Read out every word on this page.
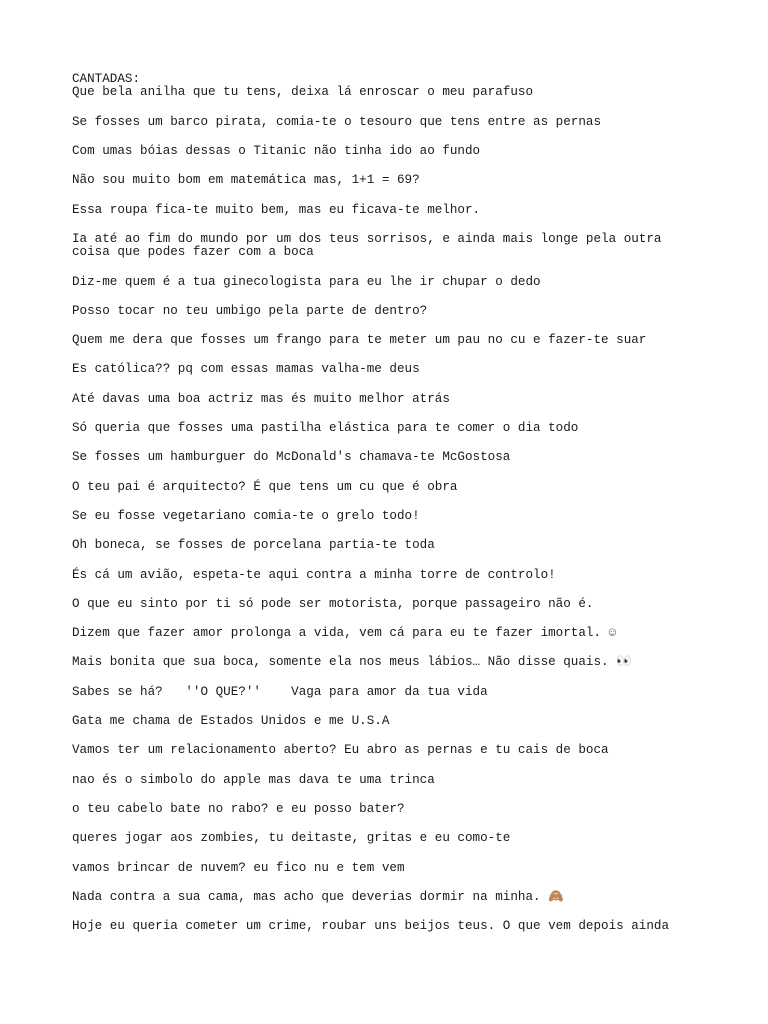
CANTADAS:

Que bela anilha que tu tens, deixa lá enroscar o meu parafuso

Se fosses um barco pirata, comia-te o tesouro que tens entre as pernas

Com umas bóias dessas o Titanic não tinha ido ao fundo

Não sou muito bom em matemática mas, 1+1 = 69?

Essa roupa fica-te muito bem, mas eu ficava-te melhor.

Ia até ao fim do mundo por um dos teus sorrisos, e ainda mais longe pela outra
coisa que podes fazer com a boca

Diz-me quem é a tua ginecologista para eu lhe ir chupar o dedo

Posso tocar no teu umbigo pela parte de dentro?

Quem me dera que fosses um frango para te meter um pau no cu e fazer-te suar

Es católica?? pq com essas mamas valha-me deus

Até davas uma boa actriz mas és muito melhor atrás

Só queria que fosses uma pastilha elástica para te comer o dia todo

Se fosses um hamburguer do McDonald's chamava-te McGostosa

O teu pai é arquitecto? É que tens um cu que é obra

Se eu fosse vegetariano comia-te o grelo todo!

Oh boneca, se fosses de porcelana partia-te toda

És cá um avião, espeta-te aqui contra a minha torre de controlo!

O que eu sinto por ti só pode ser motorista, porque passageiro não é.

Dizem que fazer amor prolonga a vida, vem cá para eu te fazer imortal. ☺

Mais bonita que sua boca, somente ela nos meus lábios… Não disse quais. 👀

Sabes se há?   ''O QUE?''    Vaga para amor da tua vida

Gata me chama de Estados Unidos e me U.S.A

Vamos ter um relacionamento aberto? Eu abro as pernas e tu cais de boca

nao és o simbolo do apple mas dava te uma trinca

o teu cabelo bate no rabo? e eu posso bater?

queres jogar aos zombies, tu deitaste, gritas e eu como-te

vamos brincar de nuvem? eu fico nu e tem vem

Nada contra a sua cama, mas acho que deverias dormir na minha. 🙈

Hoje eu queria cometer um crime, roubar uns beijos teus. O que vem depois ainda
